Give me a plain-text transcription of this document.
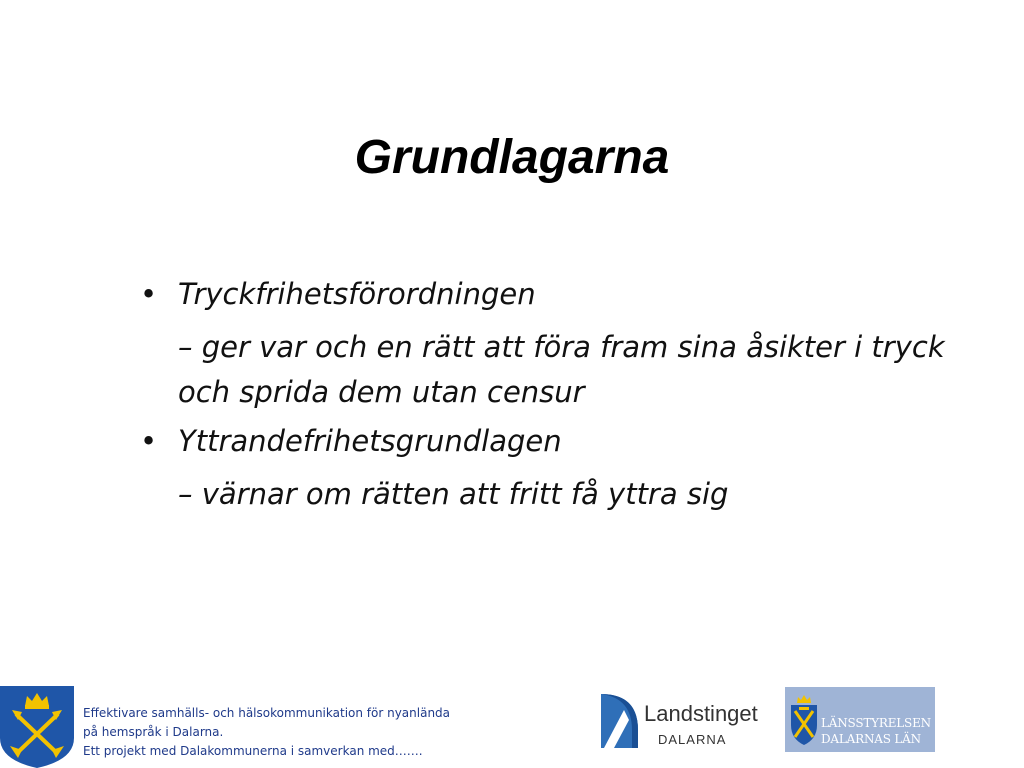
Grundlagarna
• Tryckfrihetsförordningen
– ger var och en rätt att föra fram sina åsikter i tryck och sprida dem utan censur
• Yttrandefrihetsgrundlagen
– värnar om rätten att fritt få yttra sig
Effektivare samhälls- och hälsokommunikation för nyanlända
på hemspråk i Dalarna.
Ett projekt med Dalakommunerna i samverkan med…….
Landstinget
DALARNA
LÄNSSTYRELSEN
DALARNAS LÄN
